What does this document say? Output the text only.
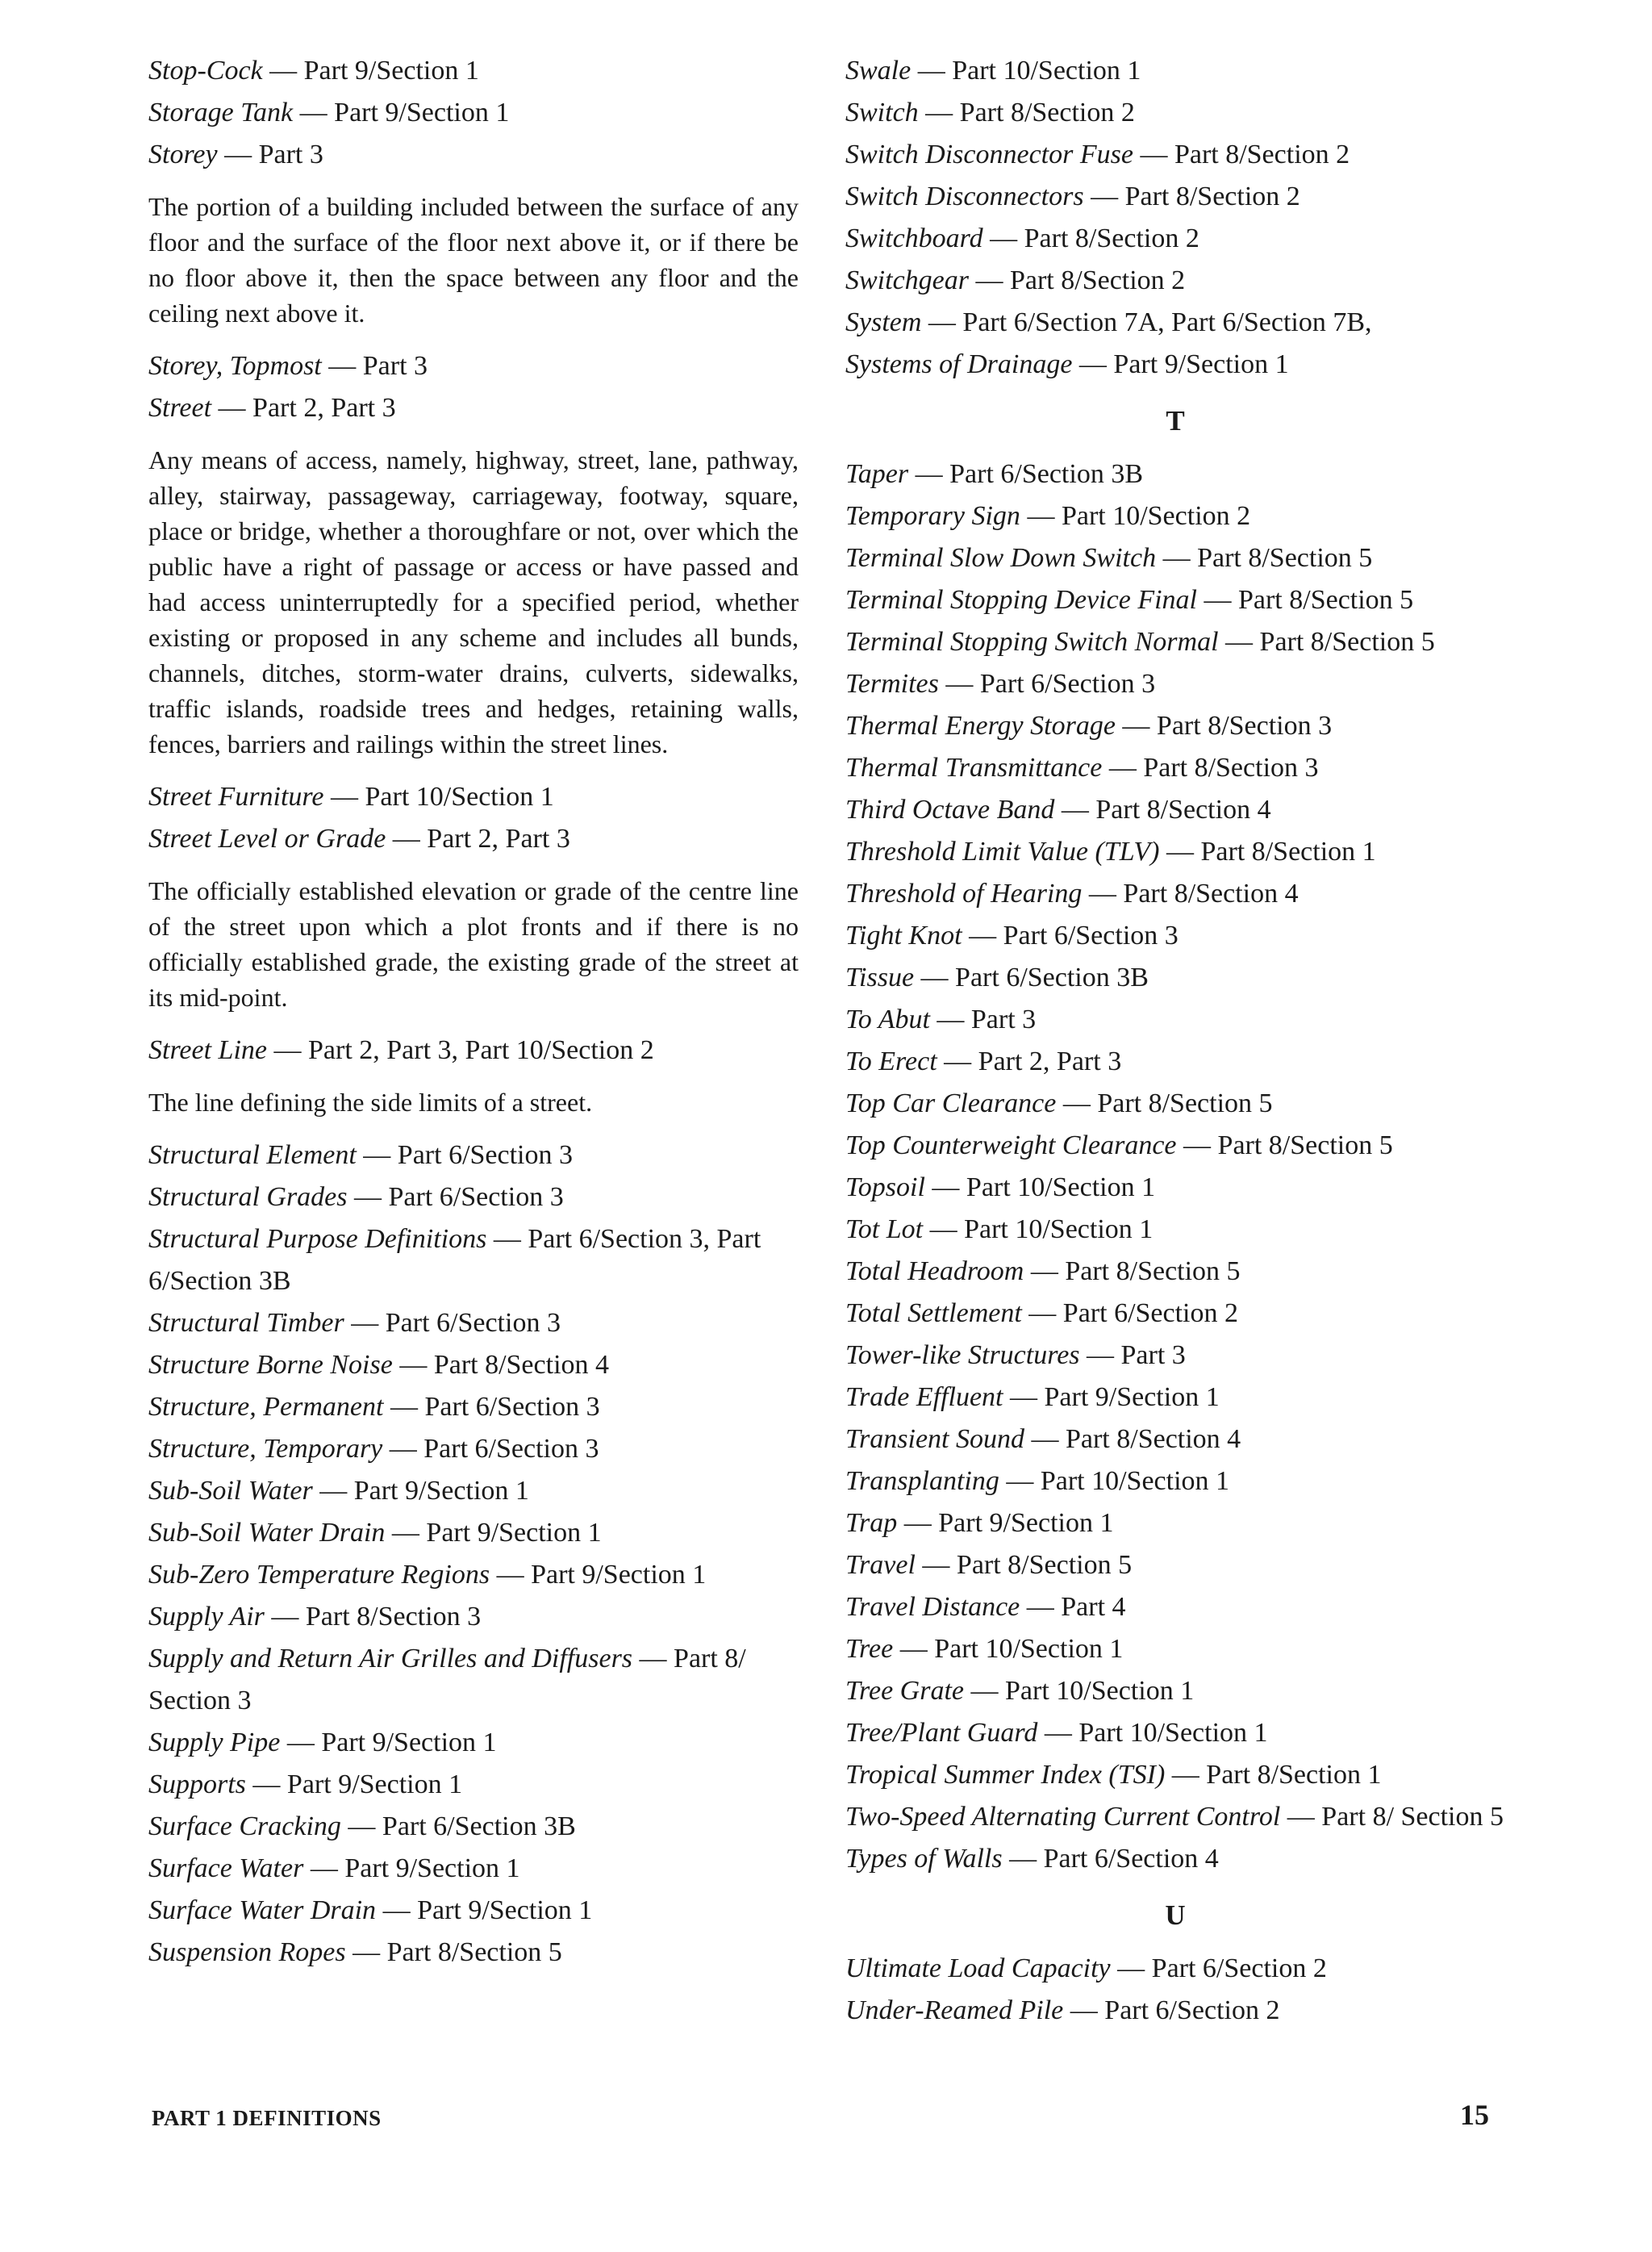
Stop-Cock — Part 9/Section 1

Storage Tank — Part 9/Section 1

Storey — Part 3

The portion of a building included between the surface of any floor and the surface of the floor next above it, or if there be no floor above it, then the space between any floor and the ceiling next above it.

Storey, Topmost — Part 3

Street — Part 2, Part 3

Any means of access, namely, highway, street, lane, pathway, alley, stairway, passageway, carriageway, footway, square, place or bridge, whether a thoroughfare or not, over which the public have a right of passage or access or have passed and had access uninterruptedly for a specified period, whether existing or proposed in any scheme and includes all bunds, channels, ditches, storm-water drains, culverts, sidewalks, traffic islands, roadside trees and hedges, retaining walls, fences, barriers and railings within the street lines.

Street Furniture — Part 10/Section 1

Street Level or Grade — Part 2, Part 3

The officially established elevation or grade of the centre line of the street upon which a plot fronts and if there is no officially established grade, the existing grade of the street at its mid-point.

Street Line — Part 2, Part 3, Part 10/Section 2

The line defining the side limits of a street.

Structural Element — Part 6/Section 3

Structural Grades — Part 6/Section 3

Structural Purpose Definitions — Part 6/Section 3, Part 6/Section 3B

Structural Timber — Part 6/Section 3

Structure Borne Noise — Part 8/Section 4

Structure, Permanent — Part 6/Section 3

Structure, Temporary — Part 6/Section 3

Sub-Soil Water — Part 9/Section 1

Sub-Soil Water Drain — Part 9/Section 1

Sub-Zero Temperature Regions — Part 9/Section 1

Supply Air — Part 8/Section 3

Supply and Return Air Grilles and Diffusers — Part 8/ Section 3

Supply Pipe — Part 9/Section 1

Supports — Part 9/Section 1

Surface Cracking — Part 6/Section 3B

Surface Water — Part 9/Section 1

Surface Water Drain — Part 9/Section 1

Suspension Ropes — Part 8/Section 5

Swale — Part 10/Section 1

Switch — Part 8/Section 2

Switch Disconnector Fuse — Part 8/Section 2

Switch Disconnectors — Part 8/Section 2

Switchboard — Part 8/Section 2

Switchgear — Part 8/Section 2

System — Part 6/Section 7A, Part 6/Section 7B,

Systems of Drainage — Part 9/Section 1

T

Taper — Part 6/Section 3B

Temporary Sign — Part 10/Section 2

Terminal Slow Down Switch — Part 8/Section 5

Terminal Stopping Device Final — Part 8/Section 5

Terminal Stopping Switch Normal — Part 8/Section 5

Termites — Part 6/Section 3

Thermal Energy Storage — Part 8/Section 3

Thermal Transmittance — Part 8/Section 3

Third Octave Band — Part 8/Section 4

Threshold Limit Value (TLV) — Part 8/Section 1

Threshold of Hearing — Part 8/Section 4

Tight Knot — Part 6/Section 3

Tissue — Part 6/Section 3B

To Abut — Part 3

To Erect — Part 2, Part 3

Top Car Clearance — Part 8/Section 5

Top Counterweight Clearance — Part 8/Section 5

Topsoil — Part 10/Section 1

Tot Lot — Part 10/Section 1

Total Headroom — Part 8/Section 5

Total Settlement — Part 6/Section 2

Tower-like Structures — Part 3

Trade Effluent — Part 9/Section 1

Transient Sound — Part 8/Section 4

Transplanting — Part 10/Section 1

Trap — Part 9/Section 1

Travel — Part 8/Section 5

Travel Distance — Part 4

Tree — Part 10/Section 1

Tree Grate — Part 10/Section 1

Tree/Plant Guard — Part 10/Section 1

Tropical Summer Index (TSI) — Part 8/Section 1

Two-Speed Alternating Current Control — Part 8/ Section 5

Types of Walls — Part 6/Section 4

U

Ultimate Load Capacity — Part 6/Section 2

Under-Reamed Pile — Part 6/Section 2

PART 1 DEFINITIONS	15
